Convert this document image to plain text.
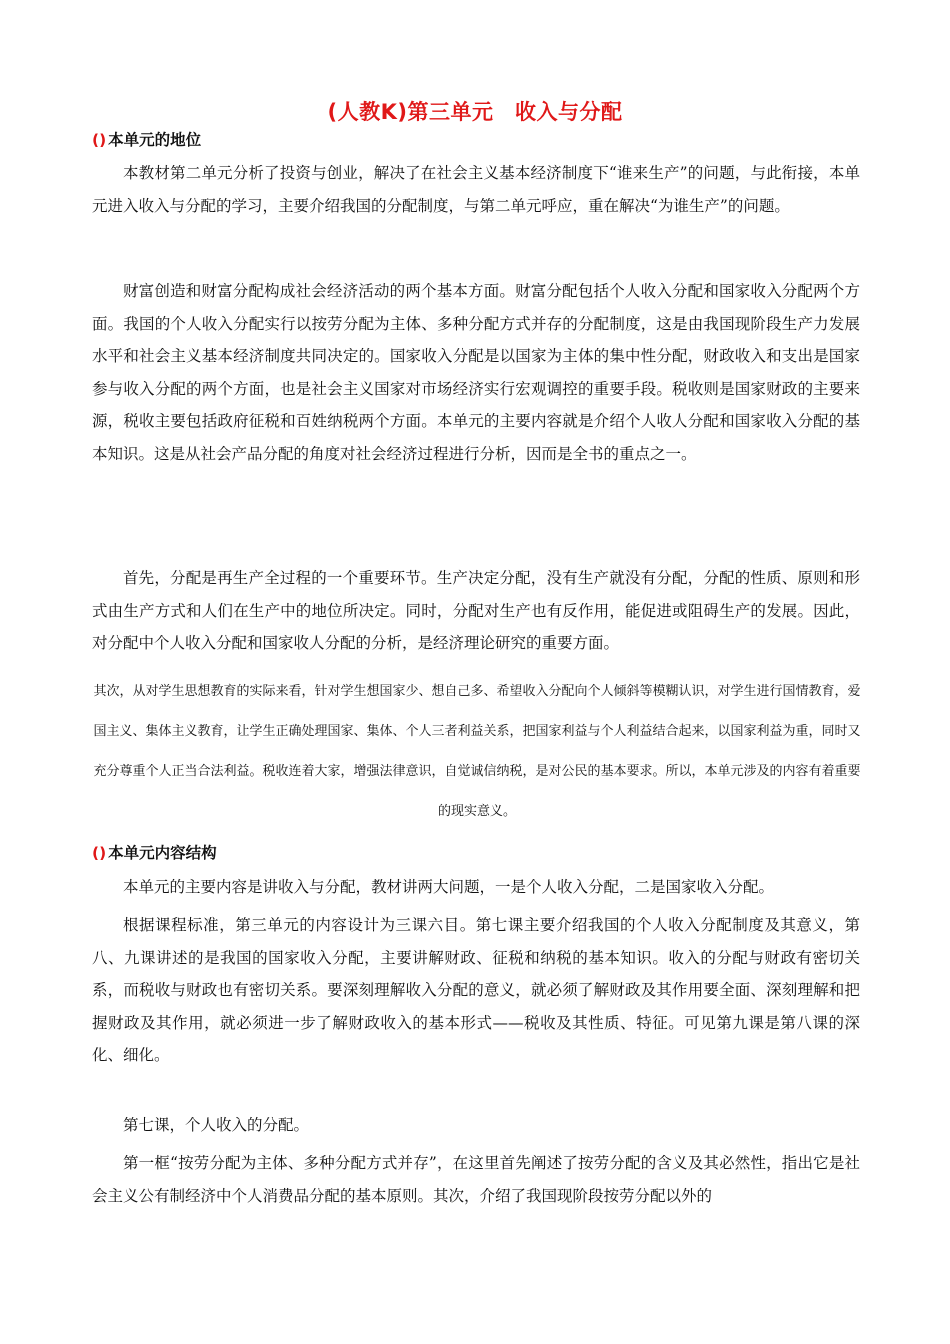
(人教K)第三单元　收入与分配
() 本单元的地位

本教材第二单元分析了投资与创业，解决了在社会主义基本经济制度下“谁来生产”的问题，与此衔接，本单元进入收入与分配的学习，主要介绍我国的分配制度，与第二单元呼应，重在解决“为谁生产”的问题。

财富创造和财富分配构成社会经济活动的两个基本方面。财富分配包括个人收入分配和国家收入分配两个方面。我国的个人收入分配实行以按劳分配为主体、多种分配方式并存的分配制度，这是由我国现阶段生产力发展水平和社会主义基本经济制度共同决定的。国家收入分配是以国家为主体的集中性分配，财政收入和支出是国家参与收入分配的两个方面，也是社会主义国家对市场经济实行宏观调控的重要手段。税收则是国家财政的主要来源，税收主要包括政府征税和百姓纳税两个方面。本单元的主要内容就是介绍个人收人分配和国家收入分配的基本知识。这是从社会产品分配的角度对社会经济过程进行分析，因而是全书的重点之一。

首先，分配是再生产全过程的一个重要环节。生产决定分配，没有生产就没有分配，分配的性质、原则和形式由生产方式和人们在生产中的地位所决定。同时，分配对生产也有反作用，能促进或阻碍生产的发展。因此，对分配中个人收入分配和国家收人分配的分析，是经济理论研究的重要方面。

其次，从对学生思想教育的实际来看，针对学生想国家少、想自己多、希望收入分配向个人倾斜等模糊认识，对学生进行国情教育，爱国主义、集体主义教育，让学生正确处理国家、集体、个人三者利益关系，把国家利益与个人利益结合起来，以国家利益为重，同时又充分尊重个人正当合法利益。税收连着大家，增强法律意识，自觉诚信纳税，是对公民的基本要求。所以，本单元涉及的内容有着重要的现实意义。

() 本单元内容结构

本单元的主要内容是讲收入与分配，教材讲两大问题，一是个人收入分配，二是国家收入分配。

根据课程标准，第三单元的内容设计为三课六目。第七课主要介绍我国的个人收入分配制度及其意义，第八、九课讲述的是我国的国家收入分配，主要讲解财政、征税和纳税的基本知识。收入的分配与财政有密切关系，而税收与财政也有密切关系。要深刻理解收入分配的意义，就必须了解财政及其作用要全面、深刻理解和把握财政及其作用，就必须进一步了解财政收入的基本形式——税收及其性质、特征。可见第九课是第八课的深化、细化。

第七课，个人收入的分配。

第一框“按劳分配为主体、多种分配方式并存”，在这里首先阐述了按劳分配的含义及其必然性，指出它是社会主义公有制经济中个人消费品分配的基本原则。其次，介绍了我国现阶段按劳分配以外的
